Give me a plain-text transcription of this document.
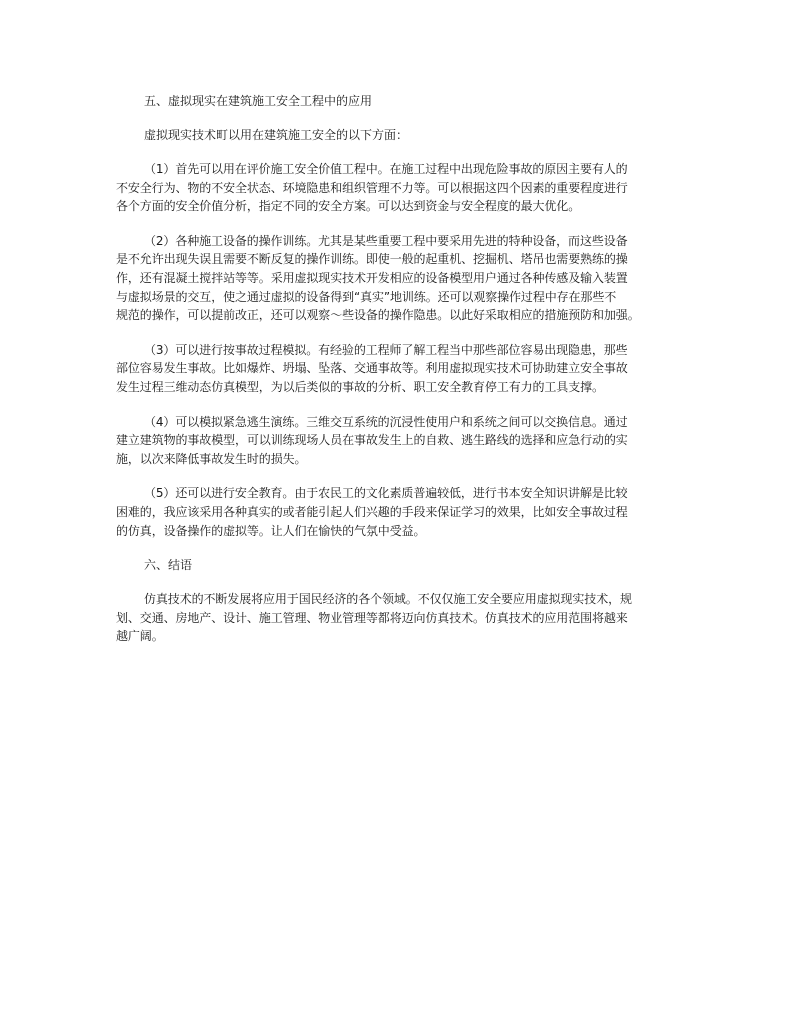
五、虚拟现实在建筑施工安全工程中的应用
虚拟现实技术町以用在建筑施工安全的以下方面：
（1）首先可以用在评价施工安全价值工程中。在施工过程中出现危险事故的原因主要有人的
不安全行为、物的不安全状态、环境隐患和组织管理不力等。可以根据这四个因素的重要程度进行
各个方面的安全价值分析，指定不同的安全方案。可以达到资金与安全程度的最大优化。
（2）各种施工设备的操作训练。尤其是某些重要工程中要采用先进的特种设备，而这些设备
是不允许出现失误且需要不断反复的操作训练。即使一般的起重机、挖掘机、塔吊也需要熟练的操
作，还有混凝土搅拌站等等。采用虚拟现实技术开发相应的设备模型用户通过各种传感及输入装置
与虚拟场景的交互，使之通过虚拟的设备得到“真实”地训练。还可以观察操作过程中存在那些不
规范的操作，可以提前改正，还可以观察～些设备的操作隐患。以此好采取相应的措施预防和加强。
（3）可以进行按事故过程模拟。有经验的工程师了解工程当中那些部位容易出现隐患，那些
部位容易发生事故。比如爆炸、坍塌、坠落、交通事故等。利用虚拟现实技术可协助建立安全事故
发生过程三维动态仿真模型，为以后类似的事故的分析、职工安全教育停工有力的工具支撑。
（4）可以模拟紧急逃生演练。三维交互系统的沉浸性使用户和系统之间可以交换信息。通过
建立建筑物的事故模型，可以训练现场人员在事故发生上的自救、逃生路线的选择和应急行动的实
施，以次来降低事故发生时的损失。
（5）还可以进行安全教育。由于农民工的文化素质普遍较低，进行书本安全知识讲解是比较
困难的，我应该采用各种真实的或者能引起人们兴趣的手段来保证学习的效果，比如安全事故过程
的仿真，设备操作的虚拟等。让人们在愉快的气氛中受益。
六、结语
仿真技术的不断发展将应用于国民经济的各个领域。不仅仅施工安全要应用虚拟现实技术，规
划、交通、房地产、设计、施工管理、物业管理等都将迈向仿真技术。仿真技术的应用范围将越来
越广阔。
